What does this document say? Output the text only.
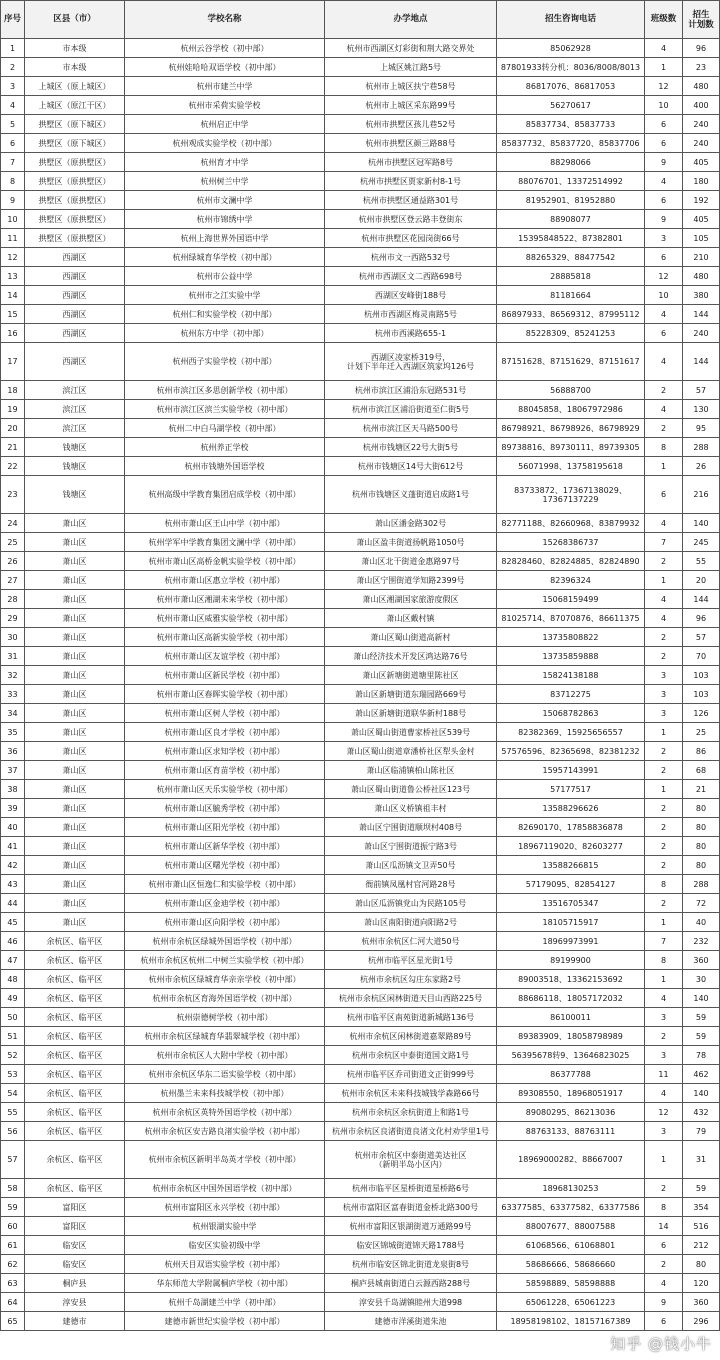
序号	区县（市）	学校名称	办学地点	招生咨询电话	班级数	招生
计划数

1	市本级	杭州云谷学校（初中部）	杭州市西湖区灯彩街和荆大路交界处	85062928	4	96
2	市本级	杭州娃哈哈双语学校（初中部）	上城区姚江路5号	87801933转分机：8036/8008/8013	1	23
3	上城区（原上城区）	杭州市建兰中学	杭州市上城区扶宁巷58号	86817076、86817053	12	480
4	上城区（原江干区）	杭州市采荷实验学校	杭州市上城区采东路99号	56270617	10	400
5	拱墅区（原下城区）	杭州启正中学	杭州市拱墅区孩儿巷52号	85837734、85837733	6	240
6	拱墅区（原下城区）	杭州观成实验学校（初中部）	杭州市拱墅区颜三路88号	85837732、85837720、85837706	6	240
7	拱墅区（原拱墅区）	杭州育才中学	杭州市拱墅区冠军路8号	88298066	9	405
8	拱墅区（原拱墅区）	杭州树兰中学	杭州市拱墅区贾家新村8-1号	88076701、13372514992	4	180
9	拱墅区（原拱墅区）	杭州市文澜中学	杭州市拱墅区通益路301号	81952901、81952880	6	192
10	拱墅区（原拱墅区）	杭州市锦绣中学	杭州市拱墅区登云路丰登街东	88908077	9	405
11	拱墅区（原拱墅区）	杭州上海世界外国语中学	杭州市拱墅区花园岗街66号	15395848522、87382801	3	105
12	西湖区	杭州绿城育华学校（初中部）	杭州市文一西路532号	88265329、88477542	6	210
13	西湖区	杭州市公益中学	杭州市西湖区文二西路698号	28885818	12	480
14	西湖区	杭州市之江实验中学	西湖区安峰街188号	81181664	10	380
15	西湖区	杭州仁和实验学校（初中部）	杭州市西湖区梅灵南路5号	86897933、86569312、87995112	4	144
16	西湖区	杭州东方中学（初中部）	杭州市西溪路655-1	85228309、85241253	6	240
17	西湖区	杭州西子实验学校（初中部）	西湖区凌家桥319号，
计划下半年迁入西湖区筑家坞126号	87151628、87151629、87151617	4	144
18	滨江区	杭州市滨江区多思创新学校（初中部）	杭州市滨江区浦沿东冠路531号	56888700	2	57
19	滨江区	杭州市滨江区滨兰实验学校（初中部）	杭州市滨江区浦沿街道至仁街5号	88045858、18067972986	4	130
20	滨江区	杭州二中白马湖学校（初中部）	杭州市滨江区天马路500号	86798921、86798926、86798929	2	95
21	钱塘区	杭州养正学校	杭州市钱塘区22号大街5号	89738816、89730111、89739305	8	288
22	钱塘区	杭州市钱塘外国语学校	杭州市钱塘区14号大街612号	56071998、13758195618	1	26
23	钱塘区	杭州高级中学教育集团启成学校（初中部）	杭州市钱塘区义蓬街道启成路1号	83733872、17367138029、
17367137229	6	216
24	萧山区	杭州市萧山区王山中学（初中部）	萧山区潘金路302号	82771188、82660968、83879932	4	140
25	萧山区	杭州学军中学教育集团文澜中学（初中部）	萧山区盈丰街道扬帆路1050号	15268386737	7	245
26	萧山区	杭州市萧山区高桥金帆实验学校（初中部）	萧山区北干街道金惠路97号	82828460、82824885、82824890	2	55
27	萧山区	杭州市萧山区惠立学校（初中部）	萧山区宁围街道学知路2399号	82396324	1	20
28	萧山区	杭州市萧山区湘湖未来学校（初中部）	萧山区湘湖国家旅游度假区	15068159499	4	144
29	萧山区	杭州市萧山区威雅实验学校（初中部）	萧山区戴村镇	81025714、87070876、86611375	4	96
30	萧山区	杭州市萧山区高新实验学校（初中部）	萧山区蜀山街道高新村	13735808822	2	57
31	萧山区	杭州市萧山区友谊学校（初中部）	萧山经济技术开发区鸿达路76号	13735859888	2	70
32	萧山区	杭州市萧山区新民学校（初中部）	萧山区新塘街道塘里陈社区	15824138188	3	103
33	萧山区	杭州市萧山区春晖实验学校（初中部）	萧山区新塘街道东瑞园路669号	83712275	3	103
34	萧山区	杭州市萧山区树人学校（初中部）	萧山区新塘街道联华新村188号	15068782863	3	126
35	萧山区	杭州市萧山区良才学校（初中部）	萧山区蜀山街道曹家桥社区539号	82382369、15925656557	1	25
36	萧山区	杭州市萧山区求知学校（初中部）	萧山区蜀山街道章潘桥社区犁头金村	57576596、82365698、82381232	2	86
37	萧山区	杭州市萧山区育苗学校（初中部）	萧山区临浦镇柏山陈社区	15957143991	2	68
38	萧山区	杭州市萧山区天乐实验学校（初中部）	萧山区蜀山街道鲁公桥社区123号	57177517	1	21
39	萧山区	杭州市萧山区毓秀学校（初中部）	萧山区义桥镇祖丰村	13588296626	2	80
40	萧山区	杭州市萧山区阳光学校（初中部）	萧山区宁围街道顺坝村408号	82690170、17858836878	2	80
41	萧山区	杭州市萧山区新华学校（初中部）	萧山区宁围街道振宁路3号	18967119020、82603277	2	80
42	萧山区	杭州市萧山区曙光学校（初中部）	萧山区瓜沥镇文卫弄50号	13588266815	2	80
43	萧山区	杭州市萧山区恒逸仁和实验学校（初中部）	衙前镇凤凰村官河路28号	57179095、82854127	8	288
44	萧山区	杭州市萧山区金迪学校（初中部）	萧山区瓜沥镇党山为民路105号	13516705347	2	72
45	萧山区	杭州市萧山区向阳学校（初中部）	萧山区南阳街道向阳路2号	18105715917	1	40
46	余杭区、临平区	杭州市余杭区绿城外国语学校（初中部）	杭州市余杭区仁河大道50号	18969973991	7	232
47	余杭区、临平区	杭州市余杭区杭州二中树兰实验学校（初中部）	杭州市临平区星光街1号	89199900	8	360
48	余杭区、临平区	杭州市余杭区绿城育华亲亲学校（初中部）	杭州市余杭区勾庄东家路2号	89003518、13362153692	1	30
49	余杭区、临平区	杭州市余杭区育海外国语学校（初中部）	杭州市余杭区闲林街道天目山西路225号	88686118、18057172032	4	140
50	余杭区、临平区	杭州崇德树学校（初中部）	杭州市临平区南苑街道新城路136号	86100011	3	59
51	余杭区、临平区	杭州市余杭区绿城育华翡翠城学校（初中部）	杭州市余杭区闲林街道嘉翠路89号	89383909、18058798989	2	59
52	余杭区、临平区	杭州市余杭区人大附中学校（初中部）	杭州市余杭区中泰街道国文路1号	56395678转9、13646823025	3	78
53	余杭区、临平区	杭州市余杭区华东二语实验学校（初中部）	杭州市临平区乔司街道文正街999号	86377788	11	462
54	余杭区、临平区	杭州墨兰未来科技城学校（初中部）	杭州市余杭区未来科技城钱学森路66号	89308550、18968051917	4	140
55	余杭区、临平区	杭州市余杭区英特外国语学校（初中部）	杭州市余杭区余杭街道上和路1号	89080295、86213036	12	432
56	余杭区、临平区	杭州市余杭区安吉路良渚实验学校（初中部）	杭州市余杭区良渚街道良渚文化村劝学里1号	88763133、88763111	3	79
57	余杭区、临平区	杭州市余杭区新明半岛英才学校（初中部）	杭州市余杭区中泰街道美达社区
（新明半岛小区内）	18969000282、88667007	1	31
58	余杭区、临平区	杭州市余杭区中国外国语学校（初中部）	杭州市临平区星桥街道星桥路6号	18968130253	2	59
59	富阳区	杭州市富阳区永兴学校（初中部）	杭州市富阳区富春街道金桥北路300号	63377585、63377582、63377586	8	354
60	富阳区	杭州银湖实验中学	杭州市富阳区银湖街道万通路99号	88007677、88007588	14	516
61	临安区	临安区实验初级中学	临安区锦城街道锦天路1788号	61068566、61068801	6	212
62	临安区	杭州天目双语实验学校（初中部）	杭州市临安区锦北街道龙泉街8号	58686666、58686660	2	80
63	桐庐县	华东师范大学附属桐庐学校（初中部）	桐庐县城南街道白云源西路288号	58598889、58598888	4	120
64	淳安县	杭州千岛湖建兰中学（初中部）	淳安县千岛湖镇睦州大道998	65061228、65061223	9	360
65	建德市	建德市新世纪实验学校（初中部）	建德市洋溪街道朱池	18958198102、18157167389	6	296
知乎 @钱小牛
